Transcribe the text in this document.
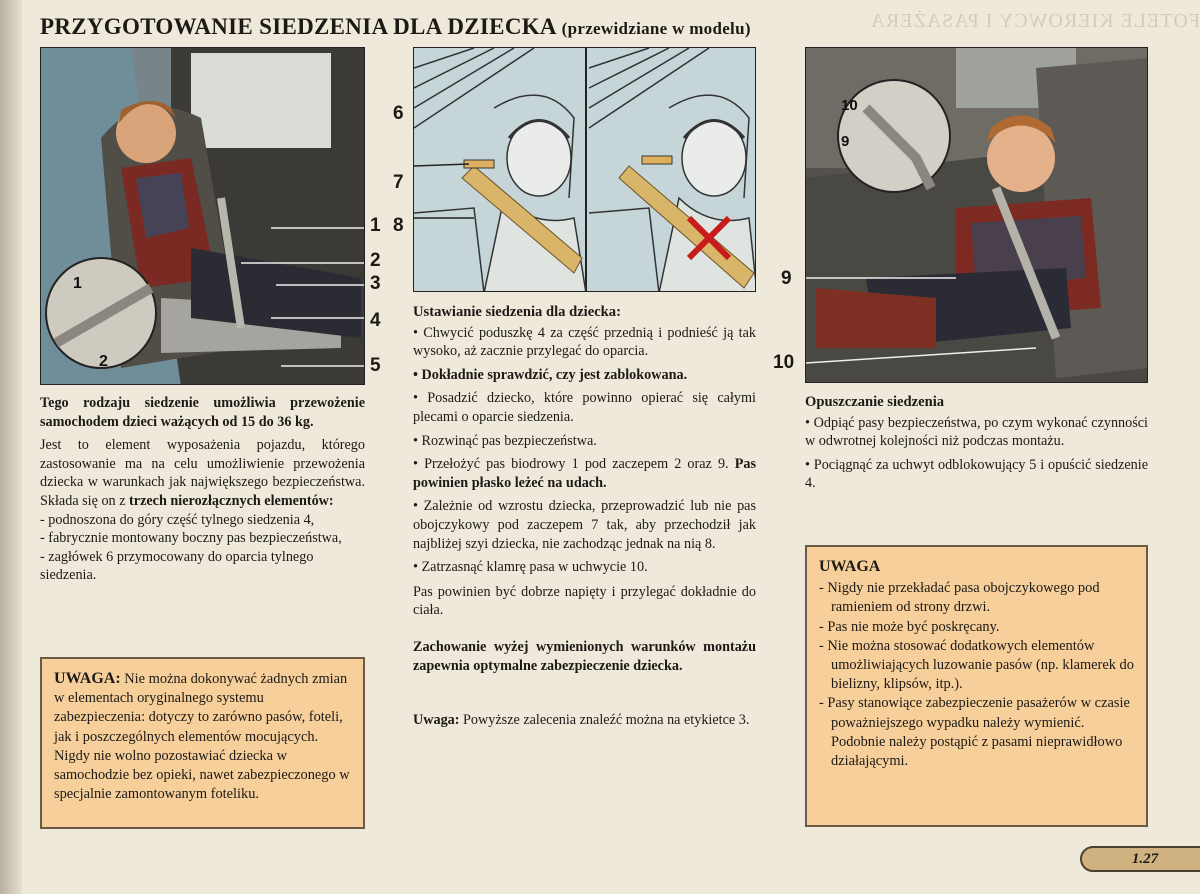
FOTELE KIEROWCY I PASAŻERA
PRZYGOTOWANIE SIEDZENIA DLA DZIECKA (przewidziane w modelu)
1
2
1
2
3
4
5
6
7
8
10
9
9
10

Tego rodzaju siedzenie umożliwia przewożenie samochodem dzieci ważących od 15 do 36 kg.

Jest to element wyposażenia pojazdu, którego zastosowanie ma na celu umożliwienie przewożenia dziecka w warunkach jak największego bezpieczeństwa. Składa się on z trzech nierozłącznych elementów:

- podnoszona do góry część tylnego siedzenia 4,

- fabrycznie montowany boczny pas bezpieczeństwa,

- zagłówek 6 przymocowany do oparcia tylnego siedzenia.

UWAGA: Nie można dokonywać żadnych zmian w elementach oryginalnego systemu zabezpieczenia: dotyczy to zarówno pasów, foteli, jak i poszczególnych elementów mocujących. Nigdy nie wolno pozostawiać dziecka w samochodzie bez opieki, nawet zabezpieczonego w specjalnie zamontowanym foteliku.

Ustawianie siedzenia dla dziecka:

• Chwycić poduszkę 4 za część przednią i podnieść ją tak wysoko, aż zacznie przylegać do oparcia.

• Dokładnie sprawdzić, czy jest zablokowana.

• Posadzić dziecko, które powinno opierać się całymi plecami o oparcie siedzenia.

• Rozwinąć pas bezpieczeństwa.

• Przełożyć pas biodrowy 1 pod zaczepem 2 oraz 9. Pas powinien płasko leżeć na udach.

• Zależnie od wzrostu dziecka, przeprowadzić lub nie pas obojczykowy pod zaczepem 7 tak, aby przechodził jak najbliżej szyi dziecka, nie zachodząc jednak na nią 8.

• Zatrzasnąć klamrę pasa w uchwycie 10.

Pas powinien być dobrze napięty i przylegać dokładnie do ciała.

Zachowanie wyżej wymienionych warunków montażu zapewnia optymalne zabezpieczenie dziecka.

Uwaga: Powyższe zalecenia znaleźć można na etykietce 3.

Opuszczanie siedzenia

• Odpiąć pasy bezpieczeństwa, po czym wykonać czynności w odwrotnej kolejności niż podczas montażu.

• Pociągnąć za uchwyt odblokowujący 5 i opuścić siedzenie 4.

UWAGA
- Nigdy nie przekładać pasa obojczykowego pod ramieniem od strony drzwi.
- Pas nie może być poskręcany.
- Nie można stosować dodatkowych elementów umożliwiających luzowanie pasów (np. klamerek do bielizny, klipsów, itp.).
- Pasy stanowiące zabezpieczenie pasażerów w czasie poważniejszego wypadku należy wymienić. Podobnie należy postąpić z pasami nieprawidłowo działającymi.
1.27
